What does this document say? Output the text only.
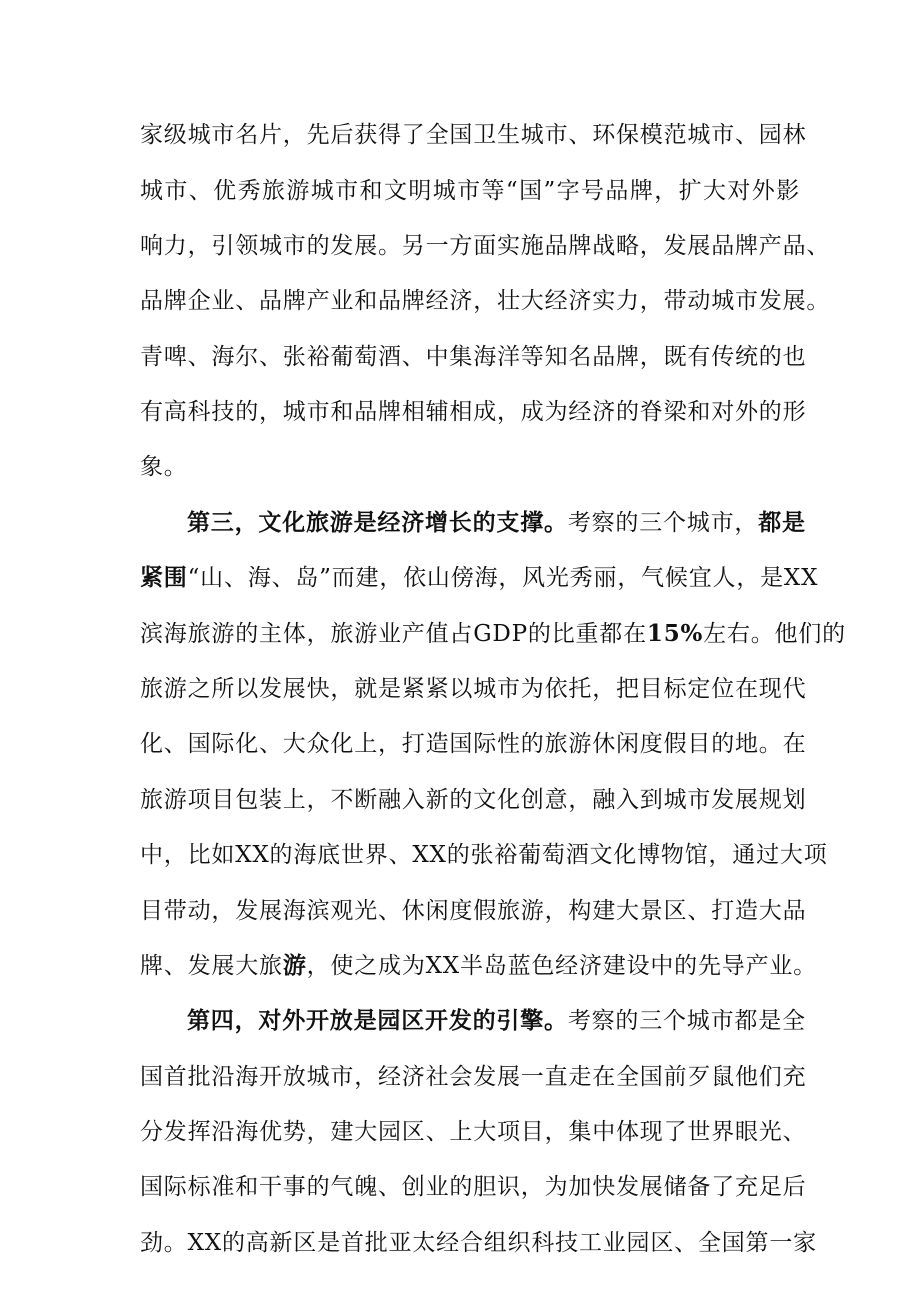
家级城市名片，先后获得了全国卫生城市、环保模范城市、园林
城市、优秀旅游城市和文明城市等“国”字号品牌，扩大对外影
响力，引领城市的发展。另一方面实施品牌战略，发展品牌产品、
品牌企业、品牌产业和品牌经济，壮大经济实力，带动城市发展。
青啤、海尔、张裕葡萄酒、中集海洋等知名品牌，既有传统的也
有高科技的，城市和品牌相辅相成，成为经济的脊梁和对外的形
象。
第三，文化旅游是经济增长的支撑。考察的三个城市，都是
紧围“山、海、岛”而建，依山傍海，风光秀丽，气候宜人，是XX
滨海旅游的主体，旅游业产值占GDP的比重都在15%左右。他们的
旅游之所以发展快，就是紧紧以城市为依托，把目标定位在现代
化、国际化、大众化上，打造国际性的旅游休闲度假目的地。在
旅游项目包装上，不断融入新的文化创意，融入到城市发展规划
中，比如XX的海底世界、XX的张裕葡萄酒文化博物馆，通过大项
目带动，发展海滨观光、休闲度假旅游，构建大景区、打造大品
牌、发展大旅游，使之成为XX半岛蓝色经济建设中的先导产业。
第四，对外开放是园区开发的引擎。考察的三个城市都是全
国首批沿海开放城市，经济社会发展一直走在全国前歹鼠他们充
分发挥沿海优势，建大园区、上大项目，集中体现了世界眼光、
国际标准和干事的气魄、创业的胆识，为加快发展储备了充足后
劲。XX的高新区是首批亚太经合组织科技工业园区、全国第一家
